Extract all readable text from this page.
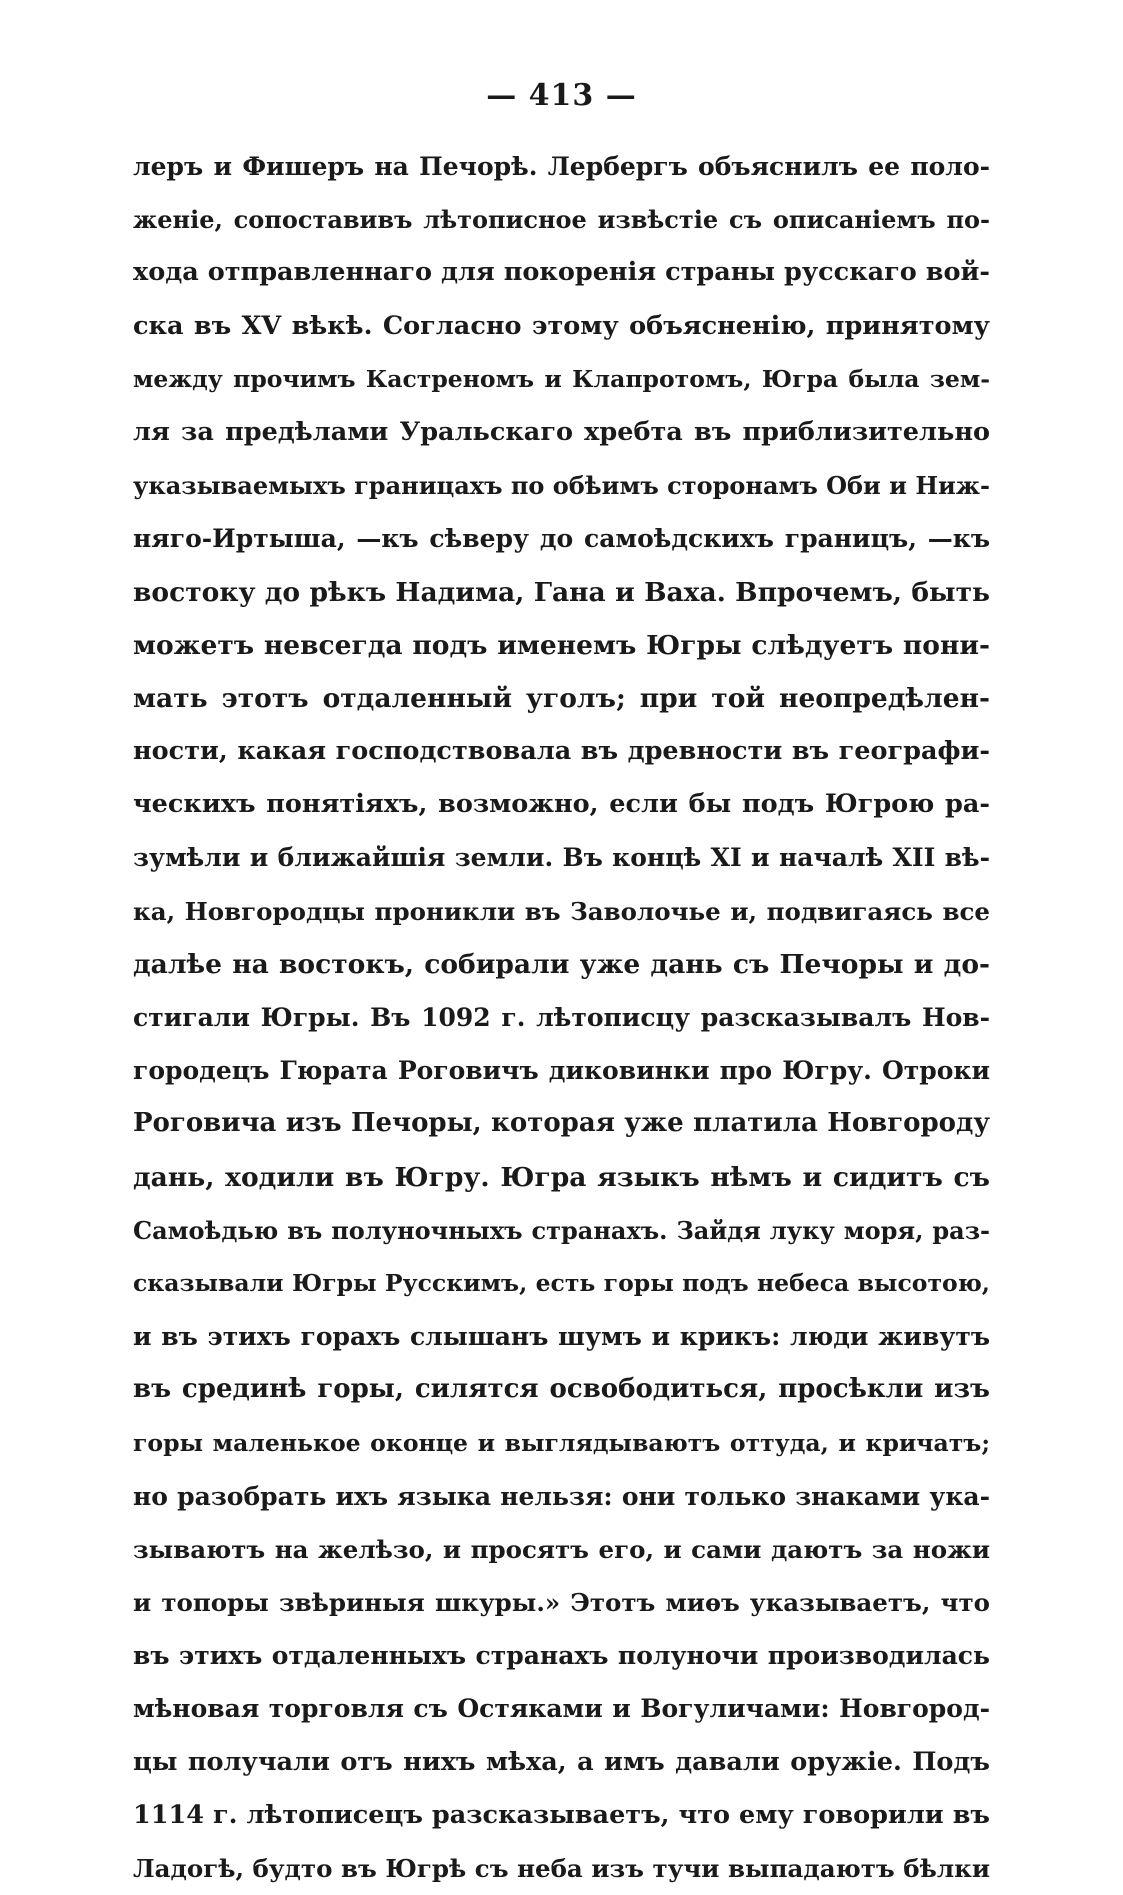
— 413 —
леръ и Фишеръ на Печорѣ. Лербергъ объяснилъ ее поло-
женіе, сопоставивъ лѣтописное извѣстіе съ описаніемъ по-
хода отправленнаго для покоренія страны русскаго вой-
ска въ XV вѣкѣ. Согласно этому объясненію, принятому
между прочимъ Кастреномъ и Клапротомъ, Югра была зем-
ля за предѣлами Уральскаго хребта въ приблизительно
указываемыхъ границахъ по обѣимъ сторонамъ Оби и Ниж-
няго-Иртыша, —къ сѣверу до самоѣдскихъ границъ, —къ
востоку до рѣкъ Надима, Гана и Ваха. Впрочемъ, быть
можетъ невсегда подъ именемъ Югры слѣдуетъ пони-
мать этотъ отдаленный уголъ; при той неопредѣлен-
ности, какая господствовала въ древности въ географи-
ческихъ понятіяхъ, возможно, если бы подъ Югрою ра-
зумѣли и ближайшія земли. Въ концѣ XI и началѣ XII вѣ-
ка, Новгородцы проникли въ Заволочье и, подвигаясь все
далѣе на востокъ, собирали уже дань съ Печоры и до-
стигали Югры. Въ 1092 г. лѣтописцу разсказывалъ Нов-
городецъ Гюрата Роговичъ диковинки про Югру. Отроки
Роговича изъ Печоры, которая уже платила Новгороду
дань, ходили въ Югру. Югра языкъ нѣмъ и сидитъ съ
Самоѣдью въ полуночныхъ странахъ. Зайдя луку моря, раз-
сказывали Югры Русскимъ, есть горы подъ небеса высотою,
и въ этихъ горахъ слышанъ шумъ и крикъ: люди живутъ
въ срединѣ горы, силятся освободиться, просѣкли изъ
горы маленькое оконце и выглядываютъ оттуда, и кричатъ;
но разобрать ихъ языка нельзя: они только знаками ука-
зываютъ на желѣзо, и просятъ его, и сами даютъ за ножи
и топоры звѣриныя шкуры.» Этотъ миѳъ указываетъ, что
въ этихъ отдаленныхъ странахъ полуночи производилась
мѣновая торговля съ Остяками и Вогуличами: Новгород-
цы получали отъ нихъ мѣха, а имъ давали оружіе. Подъ
1114 г. лѣтописецъ разсказываетъ, что ему говорили въ
Ладогѣ, будто въ Югрѣ съ неба изъ тучи выпадаютъ бѣлки
